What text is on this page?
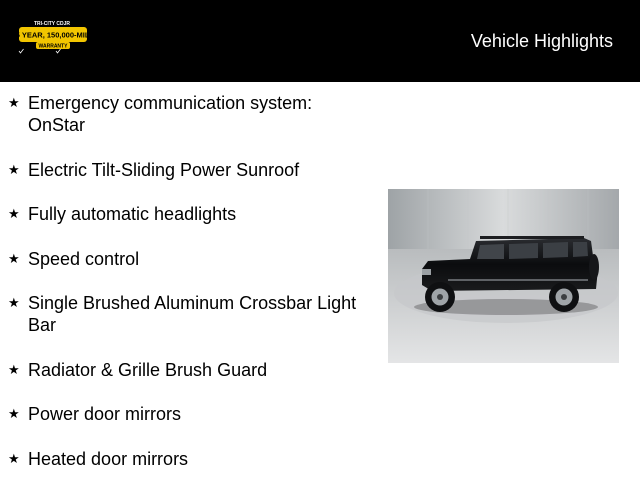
TRI-CITY CDJR
15 YEAR, 150,000-MILE
WARRANTY	Vehicle Highlights
★ Emergency communication system: OnStar
★ Electric Tilt-Sliding Power Sunroof
★ Fully automatic headlights
★ Speed control
★ Single Brushed Aluminum Crossbar Light Bar
★ Radiator & Grille Brush Guard
★ Power door mirrors
★ Heated door mirrors
